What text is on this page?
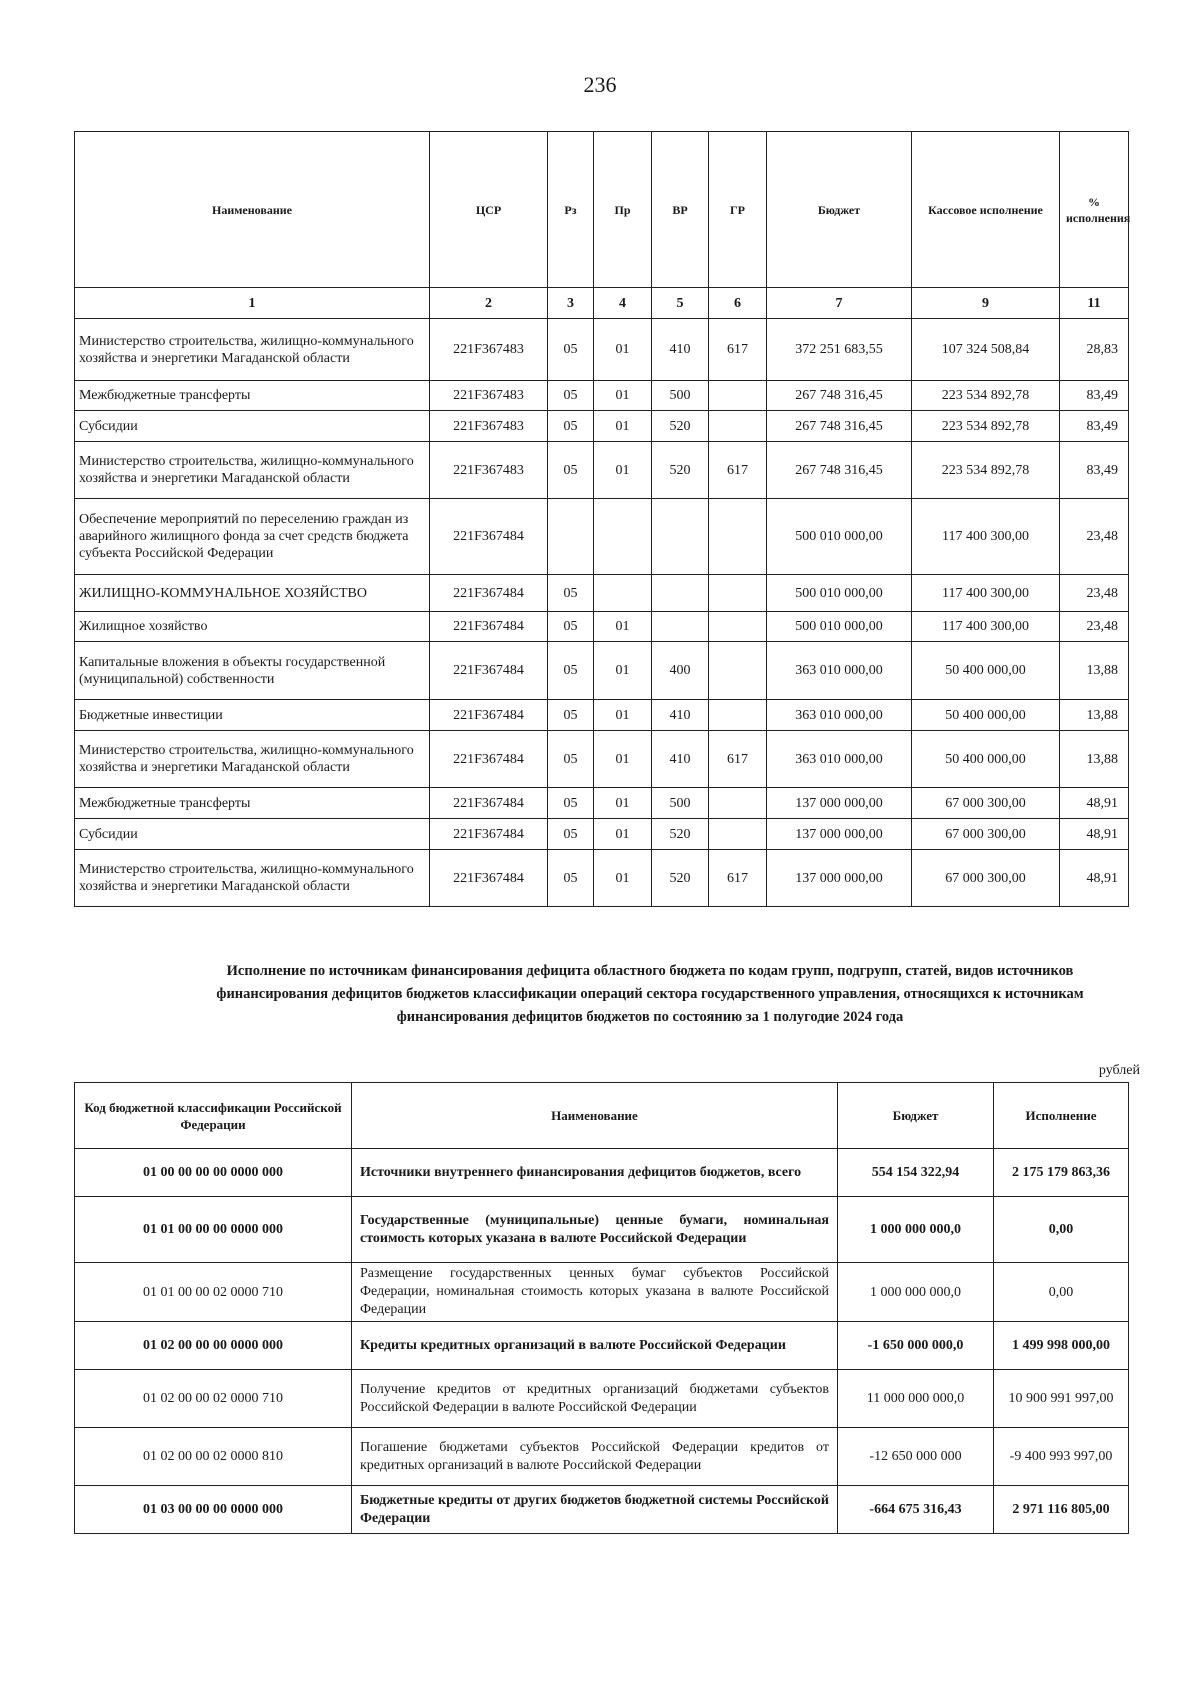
236
Наименование	ЦСР	Рз	Пр	ВР	ГР	Бюджет	Кассовое исполнение	% исполнения
1	2	3	4	5	6	7	9	11
Министерство строительства, жилищно-коммунального хозяйства и энергетики Магаданской области	221F367483	05	01	410	617	372 251 683,55	107 324 508,84	28,83
Межбюджетные трансферты	221F367483	05	01	500		267 748 316,45	223 534 892,78	83,49
Субсидии	221F367483	05	01	520		267 748 316,45	223 534 892,78	83,49
Министерство строительства, жилищно-коммунального хозяйства и энергетики Магаданской области	221F367483	05	01	520	617	267 748 316,45	223 534 892,78	83,49
Обеспечение мероприятий по переселению граждан из аварийного жилищного фонда за счет средств бюджета субъекта Российской Федерации	221F367484					500 010 000,00	117 400 300,00	23,48
ЖИЛИЩНО-КОММУНАЛЬНОЕ ХОЗЯЙСТВО	221F367484	05				500 010 000,00	117 400 300,00	23,48
Жилищное хозяйство	221F367484	05	01			500 010 000,00	117 400 300,00	23,48
Капитальные вложения в объекты государственной (муниципальной) собственности	221F367484	05	01	400		363 010 000,00	50 400 000,00	13,88
Бюджетные инвестиции	221F367484	05	01	410		363 010 000,00	50 400 000,00	13,88
Министерство строительства, жилищно-коммунального хозяйства и энергетики Магаданской области	221F367484	05	01	410	617	363 010 000,00	50 400 000,00	13,88
Межбюджетные трансферты	221F367484	05	01	500		137 000 000,00	67 000 300,00	48,91
Субсидии	221F367484	05	01	520		137 000 000,00	67 000 300,00	48,91
Министерство строительства, жилищно-коммунального хозяйства и энергетики Магаданской области	221F367484	05	01	520	617	137 000 000,00	67 000 300,00	48,91
Исполнение по источникам финансирования дефицита областного бюджета по кодам групп, подгрупп, статей, видов источников финансирования дефицитов бюджетов классификации операций сектора государственного управления, относящихся к источникам финансирования дефицитов бюджетов по состоянию за 1 полугодие 2024 года
рублей
Код бюджетной классификации Российской Федерации	Наименование	Бюджет	Исполнение
01 00 00 00 00 0000 000	Источники внутреннего финансирования дефицитов бюджетов, всего	554 154 322,94	2 175 179 863,36
01 01 00 00 00 0000 000	Государственные (муниципальные) ценные бумаги, номинальная стоимость которых указана в валюте Российской Федерации	1 000 000 000,0	0,00
01 01 00 00 02 0000 710	Размещение государственных ценных бумаг субъектов Российской Федерации, номинальная стоимость которых указана в валюте Российской Федерации	1 000 000 000,0	0,00
01 02 00 00 00 0000 000	Кредиты кредитных организаций в валюте Российской Федерации	-1 650 000 000,0	1 499 998 000,00
01 02 00 00 02 0000 710	Получение кредитов от кредитных организаций бюджетами субъектов Российской Федерации в валюте Российской Федерации	11 000 000 000,0	10 900 991 997,00
01 02 00 00 02 0000 810	Погашение бюджетами субъектов Российской Федерации кредитов от кредитных организаций в валюте Российской Федерации	-12 650 000 000	-9 400 993 997,00
01 03 00 00 00 0000 000	Бюджетные кредиты от других бюджетов бюджетной системы Российской Федерации	-664 675 316,43	2 971 116 805,00
